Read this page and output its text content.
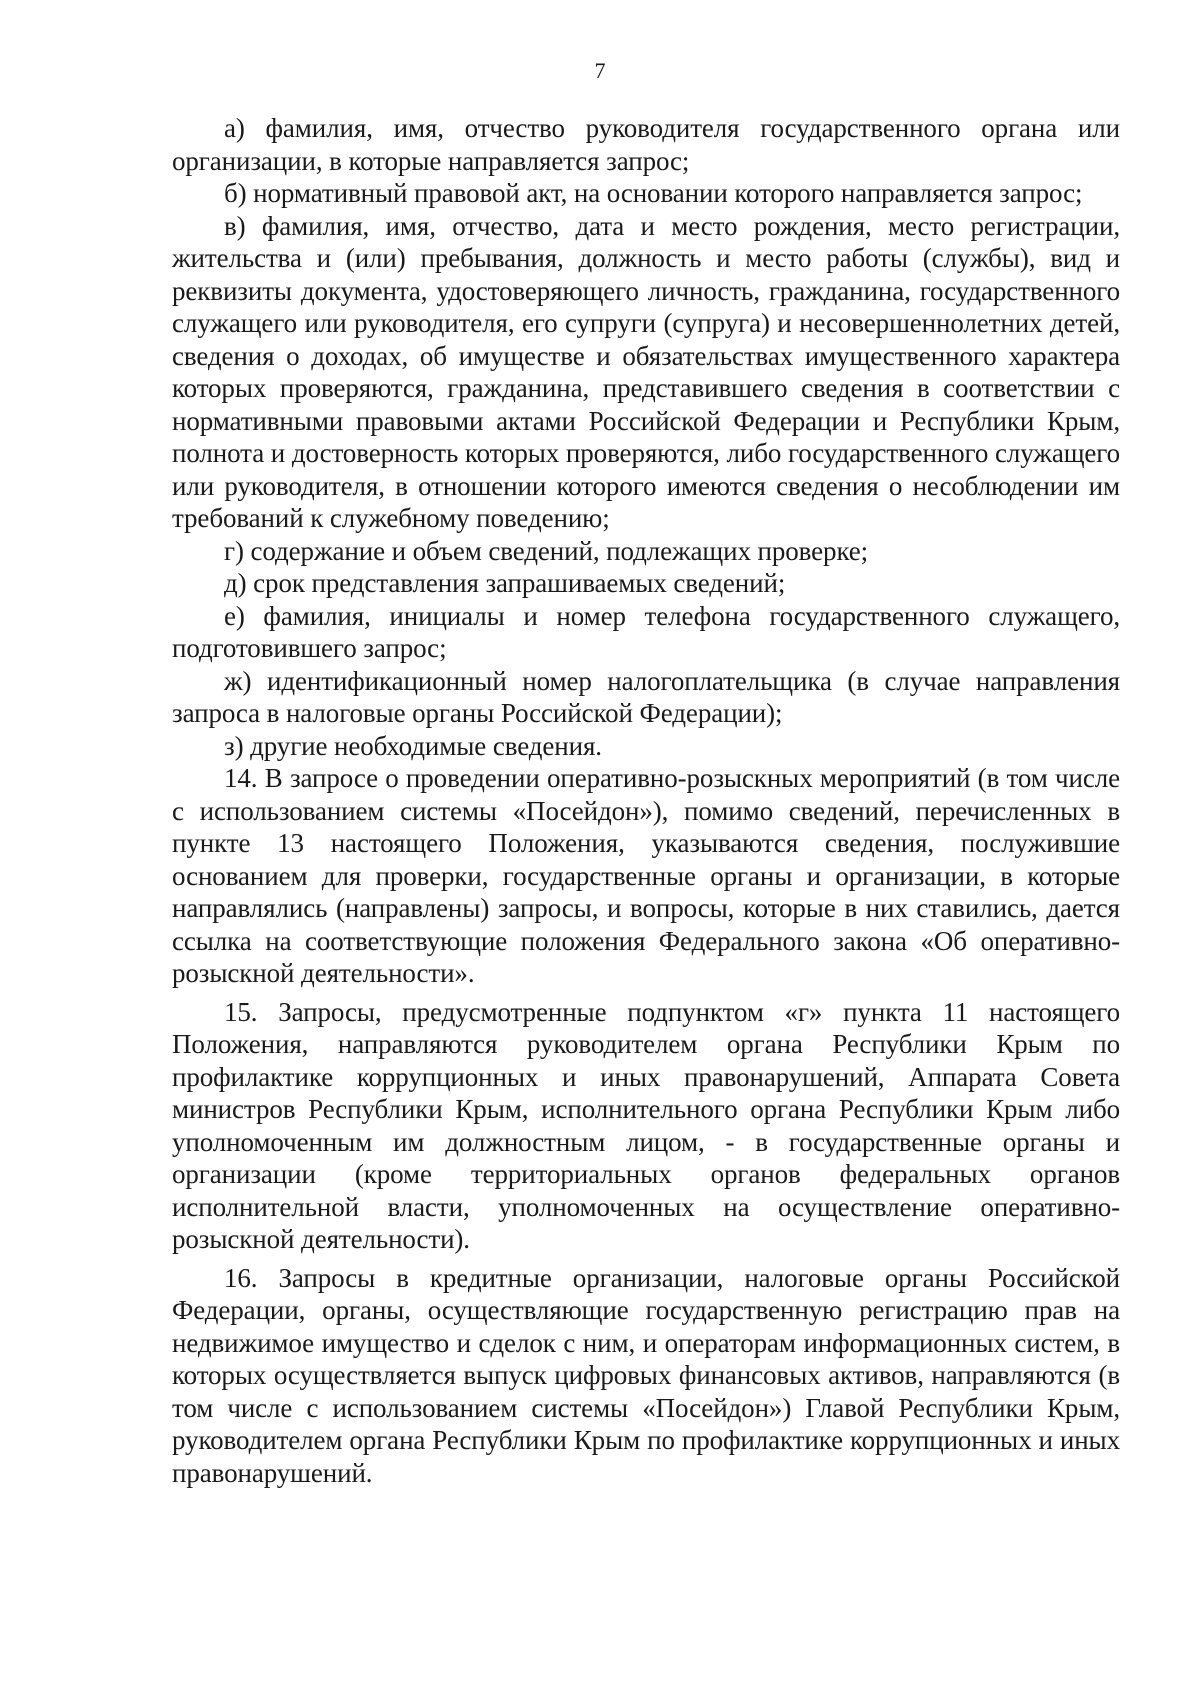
7

а) фамилия, имя, отчество руководителя государственного органа или организации, в которые направляется запрос;

б) нормативный правовой акт, на основании которого направляется запрос;

в) фамилия, имя, отчество, дата и место рождения, место регистрации, жительства и (или) пребывания, должность и место работы (службы), вид и реквизиты документа, удостоверяющего личность, гражданина, государственного служащего или руководителя, его супруги (супруга) и несовершеннолетних детей, сведения о доходах, об имуществе и обязательствах имущественного характера которых проверяются, гражданина, представившего сведения в соответствии с нормативными правовыми актами Российской Федерации и Республики Крым, полнота и достоверность которых проверяются, либо государственного служащего или руководителя, в отношении которого имеются сведения о несоблюдении им требований к служебному поведению;

г) содержание и объем сведений, подлежащих проверке;

д) срок представления запрашиваемых сведений;

е) фамилия, инициалы и номер телефона государственного служащего, подготовившего запрос;

ж) идентификационный номер налогоплательщика (в случае направления запроса в налоговые органы Российской Федерации);

з) другие необходимые сведения.

14. В запросе о проведении оперативно-розыскных мероприятий (в том числе с использованием системы «Посейдон»), помимо сведений, перечисленных в пункте 13 настоящего Положения, указываются сведения, послужившие основанием для проверки, государственные органы и организации, в которые направлялись (направлены) запросы, и вопросы, которые в них ставились, дается ссылка на соответствующие положения Федерального закона «Об оперативно-розыскной деятельности».

15. Запросы, предусмотренные подпунктом «г» пункта 11 настоящего Положения, направляются руководителем органа Республики Крым по профилактике коррупционных и иных правонарушений, Аппарата Совета министров Республики Крым, исполнительного органа Республики Крым либо уполномоченным им должностным лицом, - в государственные органы и организации (кроме территориальных органов федеральных органов исполнительной власти, уполномоченных на осуществление оперативно-розыскной деятельности).

16. Запросы в кредитные организации, налоговые органы Российской Федерации, органы, осуществляющие государственную регистрацию прав на недвижимое имущество и сделок с ним, и операторам информационных систем, в которых осуществляется выпуск цифровых финансовых активов, направляются (в том числе с использованием системы «Посейдон») Главой Республики Крым, руководителем органа Республики Крым по профилактике коррупционных и иных правонарушений.
